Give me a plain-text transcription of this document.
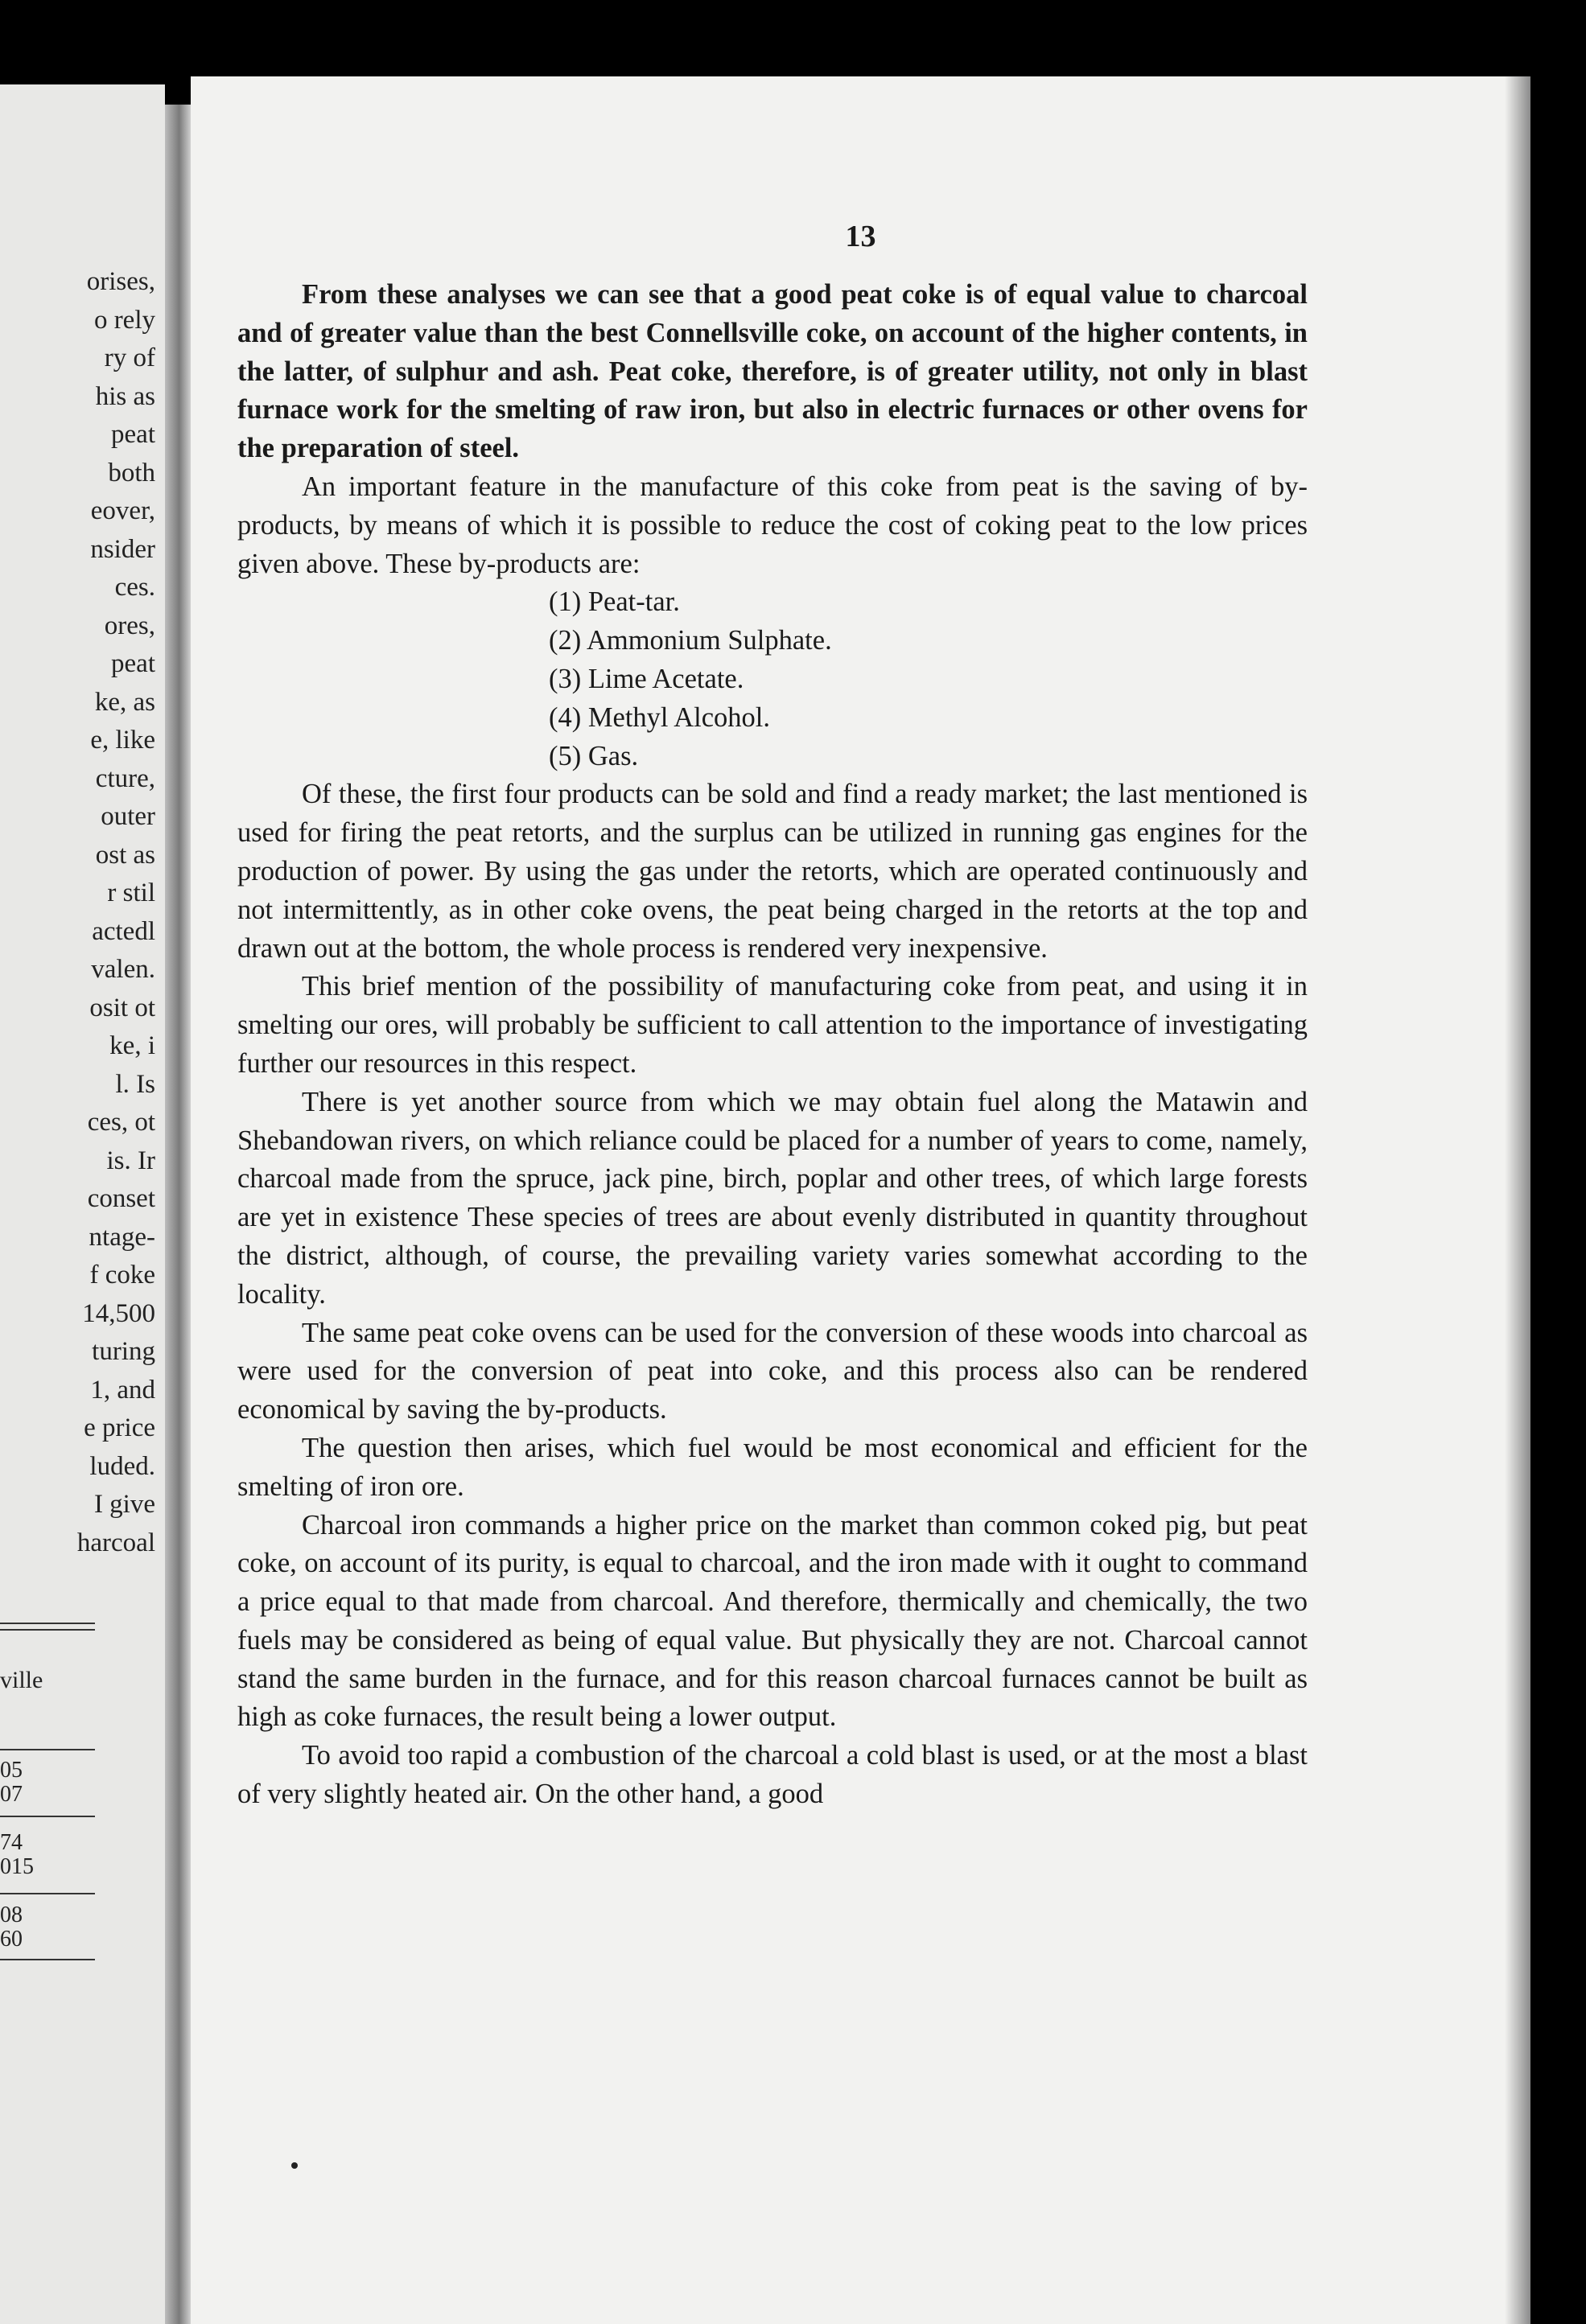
orises,
o rely
ry of
his as
peat
both
eover,
nsider
ces.
ores,
peat
ke, as
e, like
cture,
outer
ost as
r stil
actedl
valen.
osit ot
ke, i
l. Is
ces, ot
is. Ir
conset
ntage-
f coke
14,500
turing
1, and
e price
luded.
I give
harcoal
ville
05
07
74
015
08
60
13

From these analyses we can see that a good peat coke is of equal value to charcoal and of greater value than the best Connellsville coke, on account of the higher contents, in the latter, of sulphur and ash. Peat coke, therefore, is of greater utility, not only in blast furnace work for the smelting of raw iron, but also in electric furnaces or other ovens for the preparation of steel.

An important feature in the manufacture of this coke from peat is the saving of by-products, by means of which it is possible to reduce the cost of coking peat to the low prices given above. These by-products are:

(1) Peat-tar.
(2) Ammonium Sulphate.
(3) Lime Acetate.
(4) Methyl Alcohol.
(5) Gas.

Of these, the first four products can be sold and find a ready market; the last mentioned is used for firing the peat retorts, and the surplus can be utilized in running gas engines for the production of power. By using the gas under the retorts, which are operated continuously and not intermittently, as in other coke ovens, the peat being charged in the retorts at the top and drawn out at the bottom, the whole process is rendered very inexpensive.

This brief mention of the possibility of manufacturing coke from peat, and using it in smelting our ores, will probably be sufficient to call attention to the importance of investigating further our resources in this respect.

There is yet another source from which we may obtain fuel along the Matawin and Shebandowan rivers, on which reliance could be placed for a number of years to come, namely, charcoal made from the spruce, jack pine, birch, poplar and other trees, of which large forests are yet in existence These species of trees are about evenly distributed in quantity throughout the district, although, of course, the prevailing variety varies somewhat according to the locality.

The same peat coke ovens can be used for the conversion of these woods into charcoal as were used for the conversion of peat into coke, and this process also can be rendered economical by saving the by-products.

The question then arises, which fuel would be most economical and efficient for the smelting of iron ore.

Charcoal iron commands a higher price on the market than common coked pig, but peat coke, on account of its purity, is equal to charcoal, and the iron made with it ought to command a price equal to that made from charcoal. And therefore, thermically and chemically, the two fuels may be considered as being of equal value. But physically they are not. Charcoal cannot stand the same burden in the furnace, and for this reason charcoal furnaces cannot be built as high as coke furnaces, the result being a lower output.

To avoid too rapid a combustion of the charcoal a cold blast is used, or at the most a blast of very slightly heated air. On the other hand, a good
